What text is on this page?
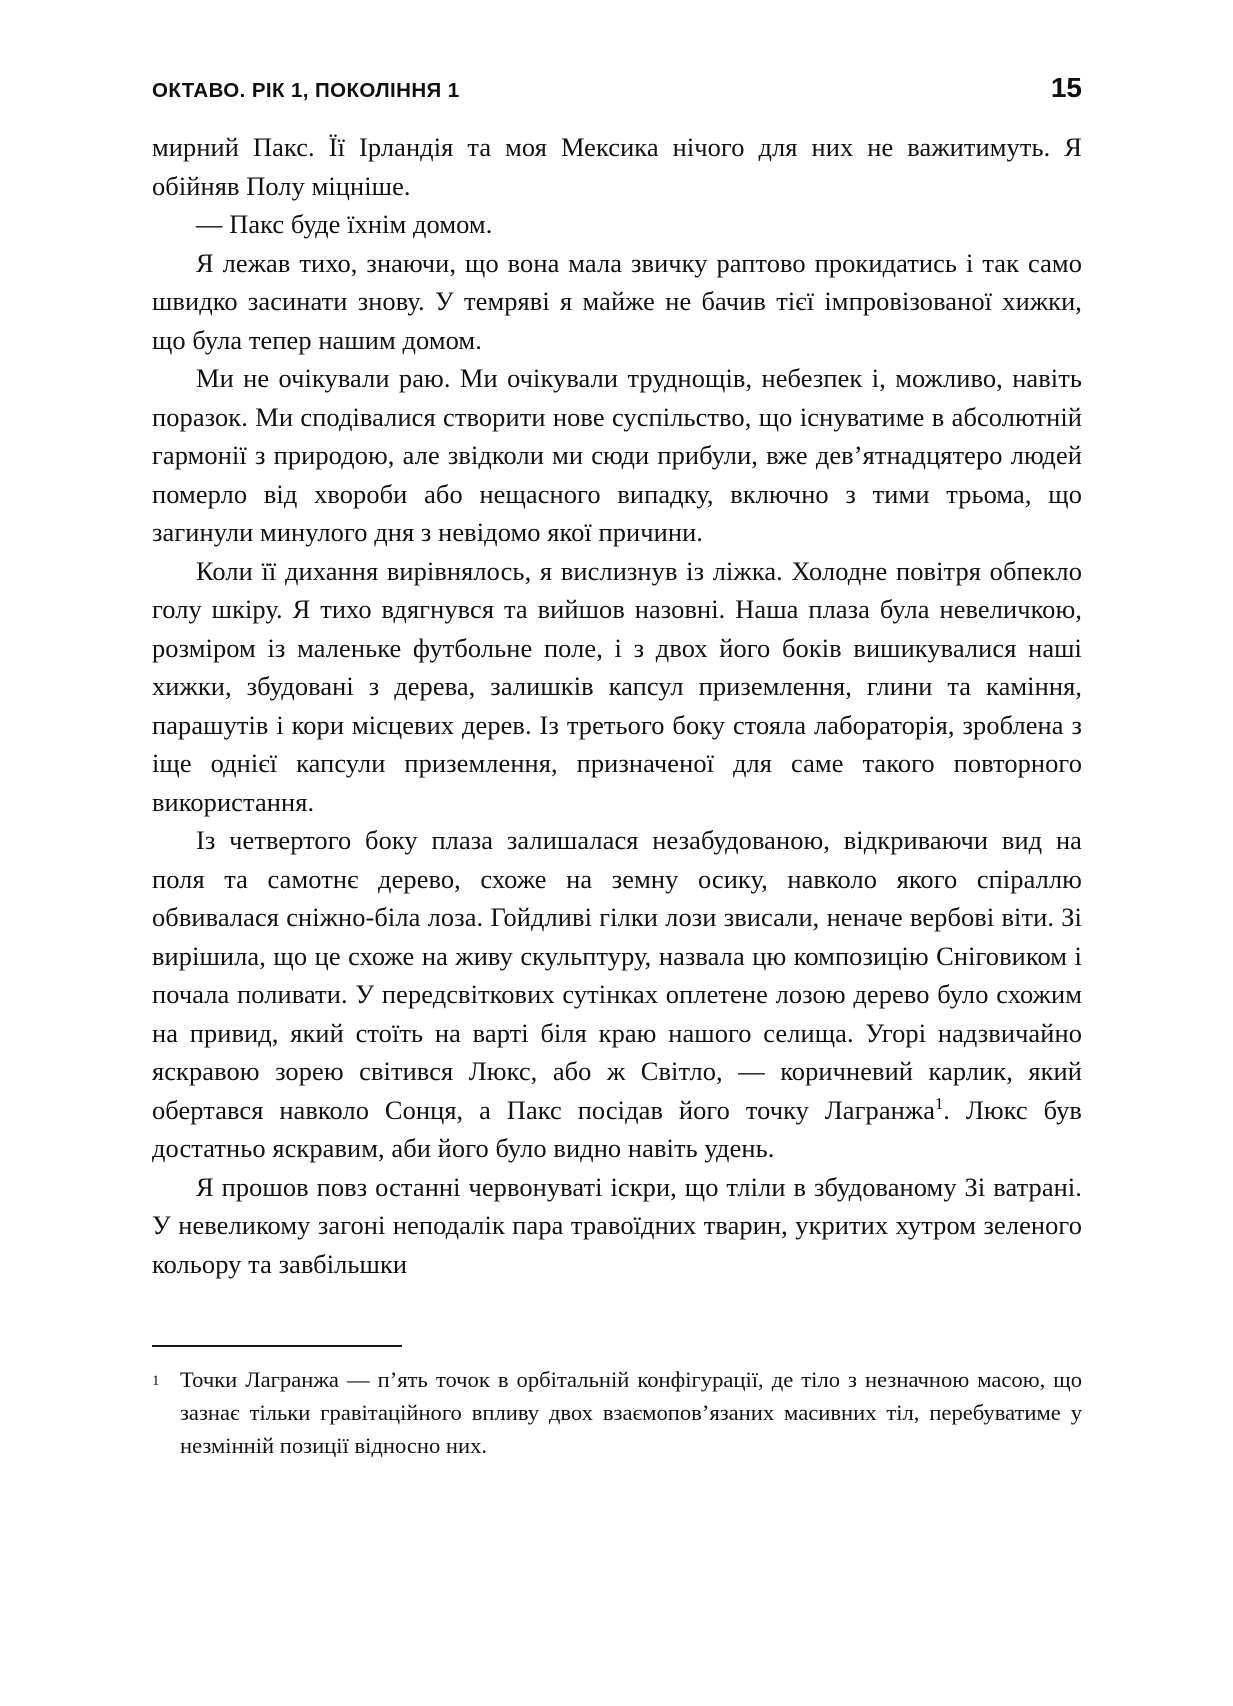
ОКТАВО. РІК 1, ПОКОЛІННЯ 1	15

мирний Пакс. Її Ірландія та моя Мексика нічого для них не важитимуть. Я обійняв Полу міцніше.

— Пакс буде їхнім домом.

Я лежав тихо, знаючи, що вона мала звичку раптово прокидатись і так само швидко засинати знову. У темряві я майже не бачив тієї імпровізованої хижки, що була тепер нашим домом.

Ми не очікували раю. Ми очікували труднощів, небезпек і, можливо, навіть поразок. Ми сподівалися створити нове суспільство, що існуватиме в абсолютній гармонії з природою, але звідколи ми сюди прибули, вже дев’ятнадцятеро людей померло від хвороби або нещасного випадку, включно з тими трьома, що загинули минулого дня з невідомо якої причини.

Коли її дихання вирівнялось, я вислизнув із ліжка. Холодне повітря обпекло голу шкіру. Я тихо вдягнувся та вийшов назовні. Наша плаза була невеличкою, розміром із маленьке футбольне поле, і з двох його боків вишикувалися наші хижки, збудовані з дерева, залишків капсул приземлення, глини та каміння, парашутів і кори місцевих дерев. Із третього боку стояла лабораторія, зроблена з іще однієї капсули приземлення, призначеної для саме такого повторного використання.

Із четвертого боку плаза залишалася незабудованою, відкриваючи вид на поля та самотнє дерево, схоже на земну осику, навколо якого спіраллю обвивалася сніжно-біла лоза. Гойдливі гілки лози звисали, неначе вербові віти. Зі вирішила, що це схоже на живу скульптуру, назвала цю композицію Сніговиком і почала поливати. У передсвіткових сутінках оплетене лозою дерево було схожим на привид, який стоїть на варті біля краю нашого селища. Угорі надзвичайно яскравою зорею світився Люкс, або ж Світло, — коричневий карлик, який обертався навколо Сонця, а Пакс посідав його точку Лагранжа$^1$. Люкс був достатньо яскравим, аби його було видно навіть удень.

Я прошов повз останні червонуваті іскри, що тліли в збудованому Зі ватрані. У невеликому загоні неподалік пара травоїдних тварин, укритих хутром зеленого кольору та завбільшки

1 Точки Лагранжа — п’ять точок в орбітальній конфігурації, де тіло з незначною масою, що зазнає тільки гравітаційного впливу двох взаємопов’язаних масивних тіл, перебуватиме у незмінній позиції відносно них.
